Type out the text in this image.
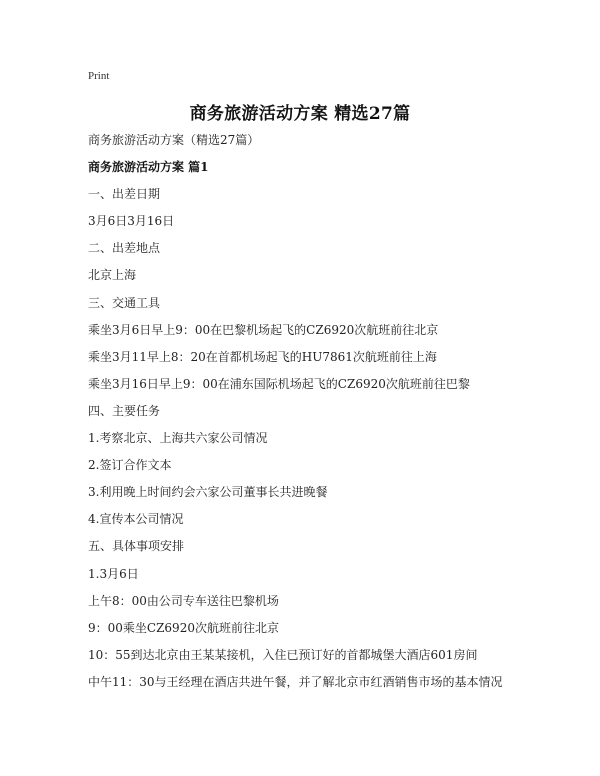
Print
商务旅游活动方案 精选27篇
商务旅游活动方案（精选27篇）
商务旅游活动方案 篇1
一、出差日期
3月6日3月16日
二、出差地点
北京上海
三、交通工具
乘坐3月6日早上9：00在巴黎机场起飞的CZ6920次航班前往北京
乘坐3月11早上8：20在首都机场起飞的HU7861次航班前往上海
乘坐3月16日早上9：00在浦东国际机场起飞的CZ6920次航班前往巴黎
四、主要任务
1.考察北京、上海共六家公司情况
2.签订合作文本
3.利用晚上时间约会六家公司董事长共进晚餐
4.宣传本公司情况
五、具体事项安排
1.3月6日
上午8：00由公司专车送往巴黎机场
9：00乘坐CZ6920次航班前往北京
10：55到达北京由王某某接机，入住已预订好的首都城堡大酒店601房间
中午11：30与王经理在酒店共进午餐，并了解北京市红酒销售市场的基本情况
